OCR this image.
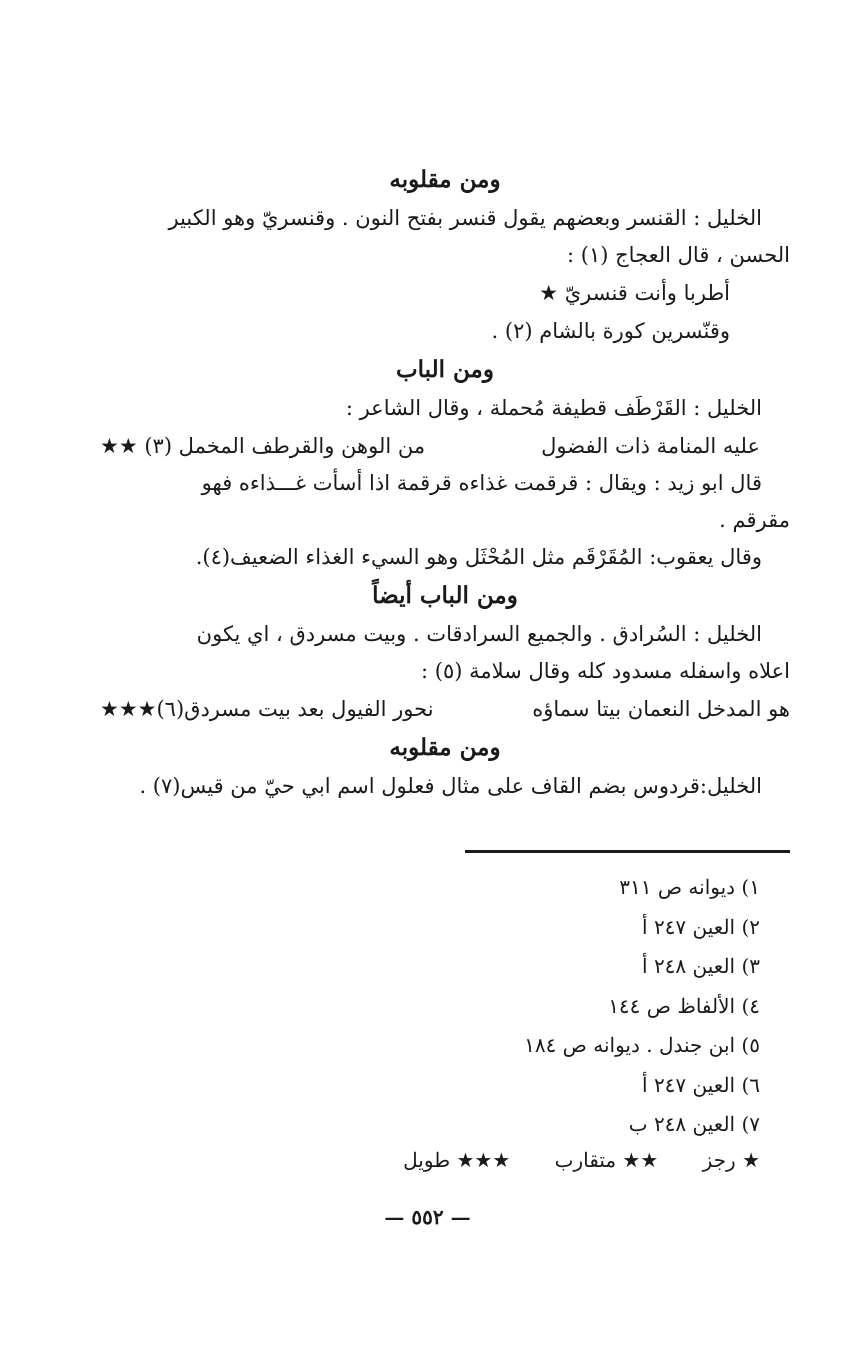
ومن مقلوبه

الخليل : القنسر وبعضهم يقول قنسر بفتح النون . وقنسريّ وهو الكبير

الحسن ، قال العجاج (١) :

أطربا وأنت قنسريّ ★

وقنّسرين كورة بالشام (٢) .

ومن الباب

الخليل : القَرْطَف قطيفة مُحملة ، وقال الشاعر :

عليه المنامة ذات الفضول
من الوهن والقرطف المخمل (٣) ★★

قال ابو زيد : ويقال : قرقمت غذاءه قرقمة اذا أسأت غـــذاءه فهو

مقرقم .

وقال يعقوب: المُقَرْقَم مثل المُحْثَل وهو السيء الغذاء الضعيف(٤).

ومن الباب أيضاً

الخليل : السُرادق . والجميع السرادقات . وبيت مسردق ، اي يكون

اعلاه واسفله مسدود كله وقال سلامة (٥) :

هو المدخل النعمان بيتا سماؤه
نحور الفيول بعد بيت مسردق(٦)★★★
ومن مقلوبه

الخليل:قردوس بضم القاف على مثال فعلول اسم ابي حيّ من قيس(٧) .

١) ديوانه ص ٣١١
٢) العين ٢٤٧ أ
٣) العين ٢٤٨ أ
٤) الألفاظ ص ١٤٤
٥) ابن جندل . ديوانه ص ١٨٤
٦) العين ٢٤٧ أ
٧) العين ٢٤٨ ب
★ رجز ★★ متقارب ★★★ طويل
— ٥٥٢ —
